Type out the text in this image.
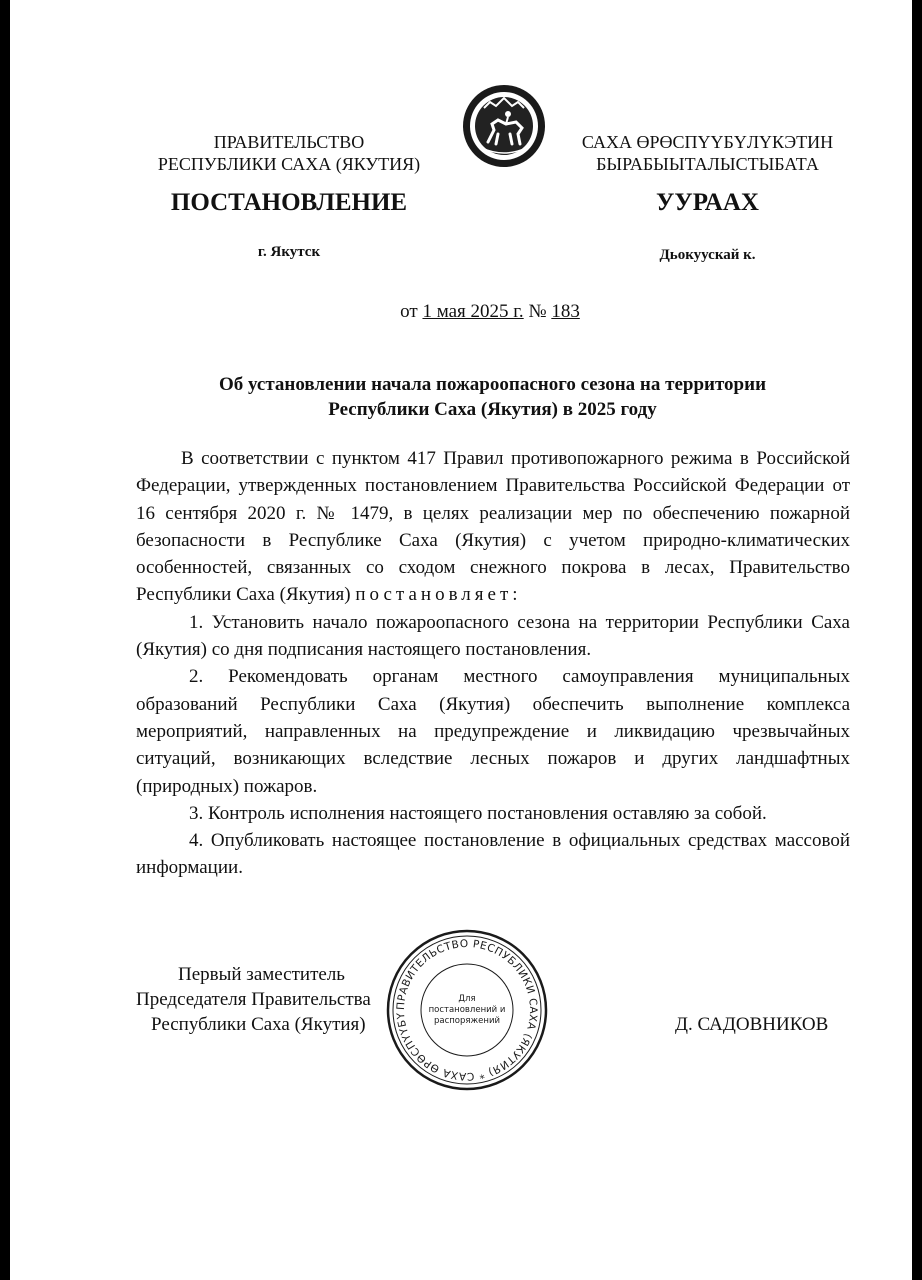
ПРАВИТЕЛЬСТВО
РЕСПУБЛИКИ САХА (ЯКУТИЯ)
САХА ӨРӨСПҮҮБҮЛҮКЭТИН
БЫРАБЫЫТАЛЫСТЫБАТА
ПОСТАНОВЛЕНИЕ	УУРААХ
г. Якутск	Дьокуускай к.
от 1 мая 2025 г. № 183
Об установлении начала пожароопасного сезона на территории
Республики Саха (Якутия) в 2025 году

В соответствии с пунктом 417 Правил противопожарного режима в Российской Федерации, утвержденных постановлением Правительства Российской Федерации от 16 сентября 2020 г. № 1479, в целях реализации мер по обеспечению пожарной безопасности в Республике Саха (Якутия) с учетом природно-климатических особенностей, связанных со сходом снежного покрова в лесах, Правительство Республики Саха (Якутия) постановляет:

1. Установить начало пожароопасного сезона на территории Республики Саха (Якутия) со дня подписания настоящего постановления.

2. Рекомендовать органам местного самоуправления муниципальных образований Республики Саха (Якутия) обеспечить выполнение комплекса мероприятий, направленных на предупреждение и ликвидацию чрезвычайных ситуаций, возникающих вследствие лесных пожаров и других ландшафтных (природных) пожаров.

3. Контроль исполнения настоящего постановления оставляю за собой.

4. Опубликовать настоящее постановление в официальных средствах массовой информации.

Первый заместитель
Председателя Правительства
Республики Саха (Якутия)	Д. САДОВНИКОВ
ПРАВИТЕЛЬСТВО РЕСПУБЛИКИ САХА (ЯКУТИЯ) * САХА ӨРӨСПҮҮБҮ
Для
постановлений и
распоряжений
